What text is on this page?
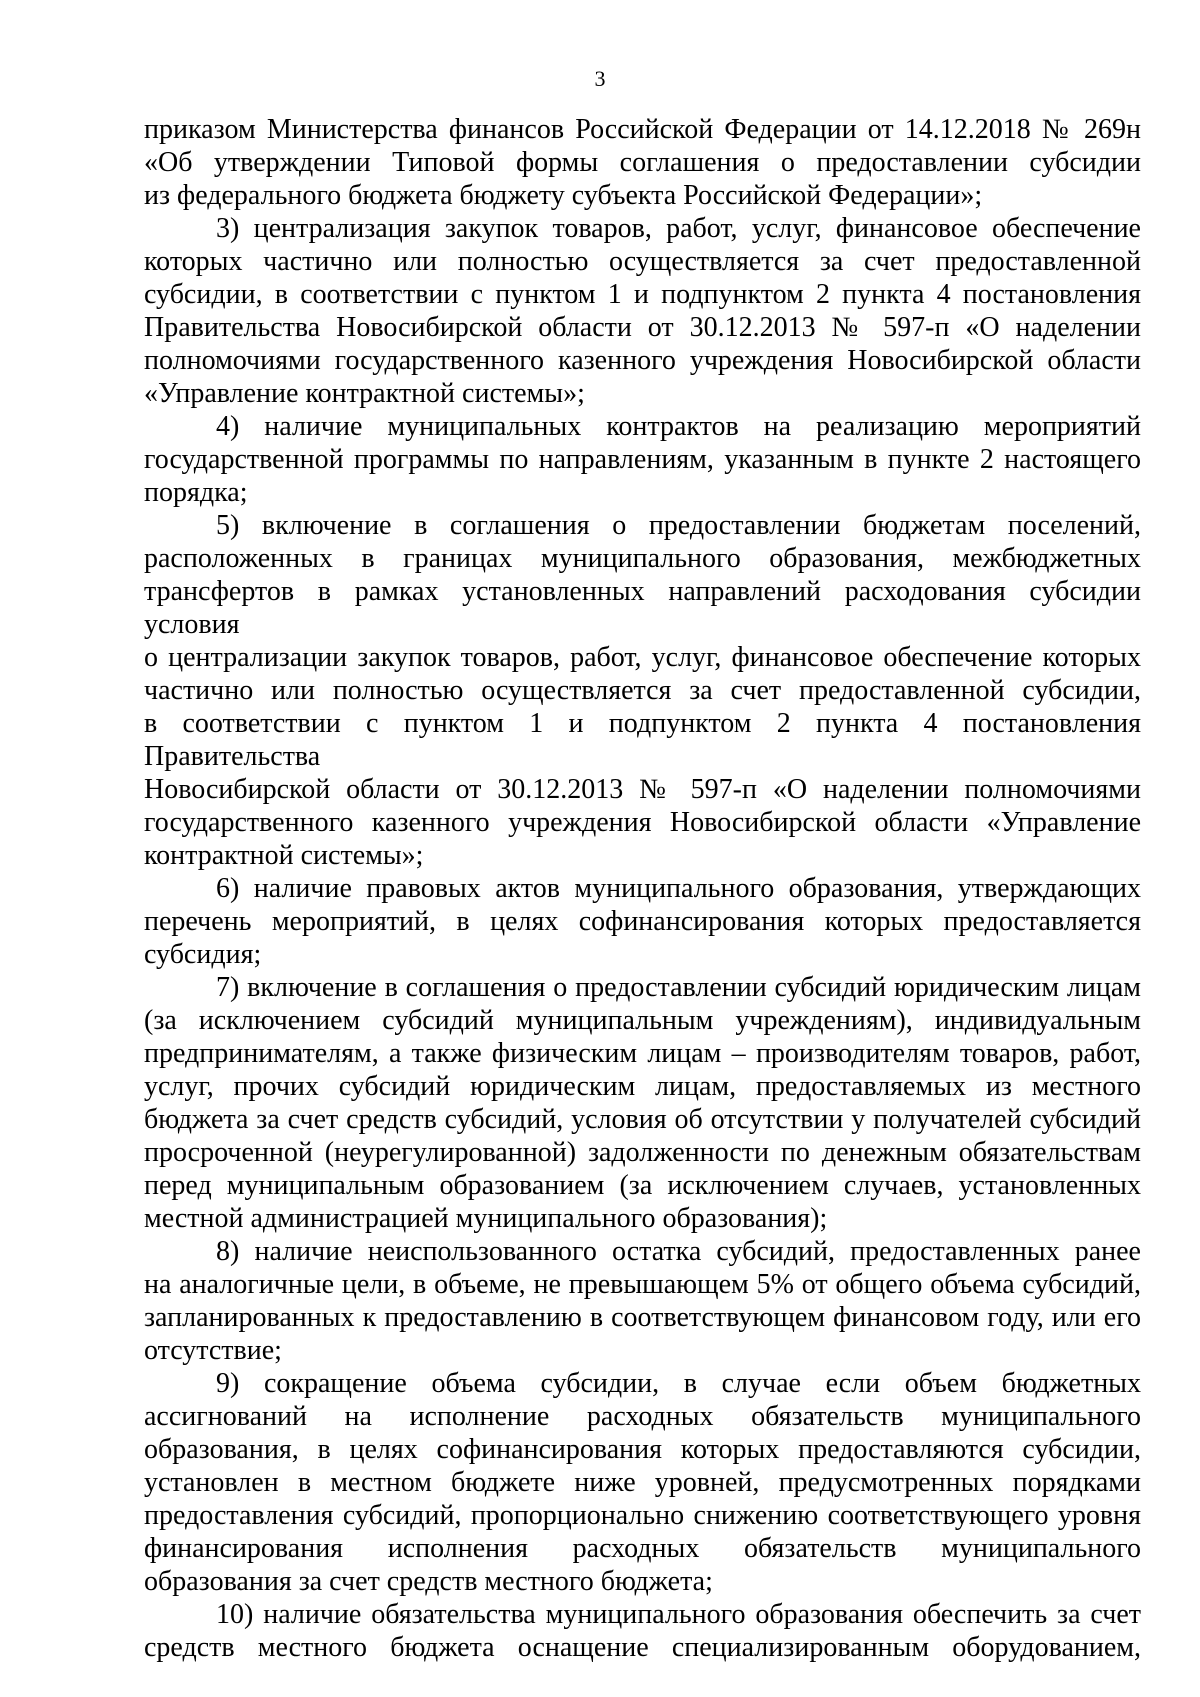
3

приказом Министерства финансов Российской Федерации от 14.12.2018 № 269н

«Об утверждении Типовой формы соглашения о предоставлении субсидии

из федерального бюджета бюджету субъекта Российской Федерации»;

3) централизация закупок товаров, работ, услуг, финансовое обеспечение

которых частично или полностью осуществляется за счет предоставленной

субсидии, в соответствии с пунктом 1 и подпунктом 2 пункта 4 постановления

Правительства Новосибирской области от 30.12.2013 № 597-п «О наделении

полномочиями государственного казенного учреждения Новосибирской области

«Управление контрактной системы»;

4) наличие муниципальных контрактов на реализацию мероприятий

государственной программы по направлениям, указанным в пункте 2 настоящего

порядка;

5) включение в соглашения о предоставлении бюджетам поселений,

расположенных в границах муниципального образования, межбюджетных

трансфертов в рамках установленных направлений расходования субсидии условия

о централизации закупок товаров, работ, услуг, финансовое обеспечение которых

частично или полностью осуществляется за счет предоставленной субсидии,

в соответствии с пунктом 1 и подпунктом 2 пункта 4 постановления Правительства

Новосибирской области от 30.12.2013 № 597-п «О наделении полномочиями

государственного казенного учреждения Новосибирской области «Управление

контрактной системы»;

6) наличие правовых актов муниципального образования, утверждающих

перечень мероприятий, в целях софинансирования которых предоставляется

субсидия;

7) включение в соглашения о предоставлении субсидий юридическим лицам

(за исключением субсидий муниципальным учреждениям), индивидуальным

предпринимателям, а также физическим лицам – производителям товаров, работ,

услуг, прочих субсидий юридическим лицам, предоставляемых из местного

бюджета за счет средств субсидий, условия об отсутствии у получателей субсидий

просроченной (неурегулированной) задолженности по денежным обязательствам

перед муниципальным образованием (за исключением случаев, установленных

местной администрацией муниципального образования);

8) наличие неиспользованного остатка субсидий, предоставленных ранее

на аналогичные цели, в объеме, не превышающем 5% от общего объема субсидий,

запланированных к предоставлению в соответствующем финансовом году, или его

отсутствие;

9) сокращение объема субсидии, в случае если объем бюджетных

ассигнований на исполнение расходных обязательств муниципального

образования, в целях софинансирования которых предоставляются субсидии,

установлен в местном бюджете ниже уровней, предусмотренных порядками

предоставления субсидий, пропорционально снижению соответствующего уровня

финансирования исполнения расходных обязательств муниципального

образования за счет средств местного бюджета;

10) наличие обязательства муниципального образования обеспечить за счет

средств местного бюджета оснащение специализированным оборудованием,
